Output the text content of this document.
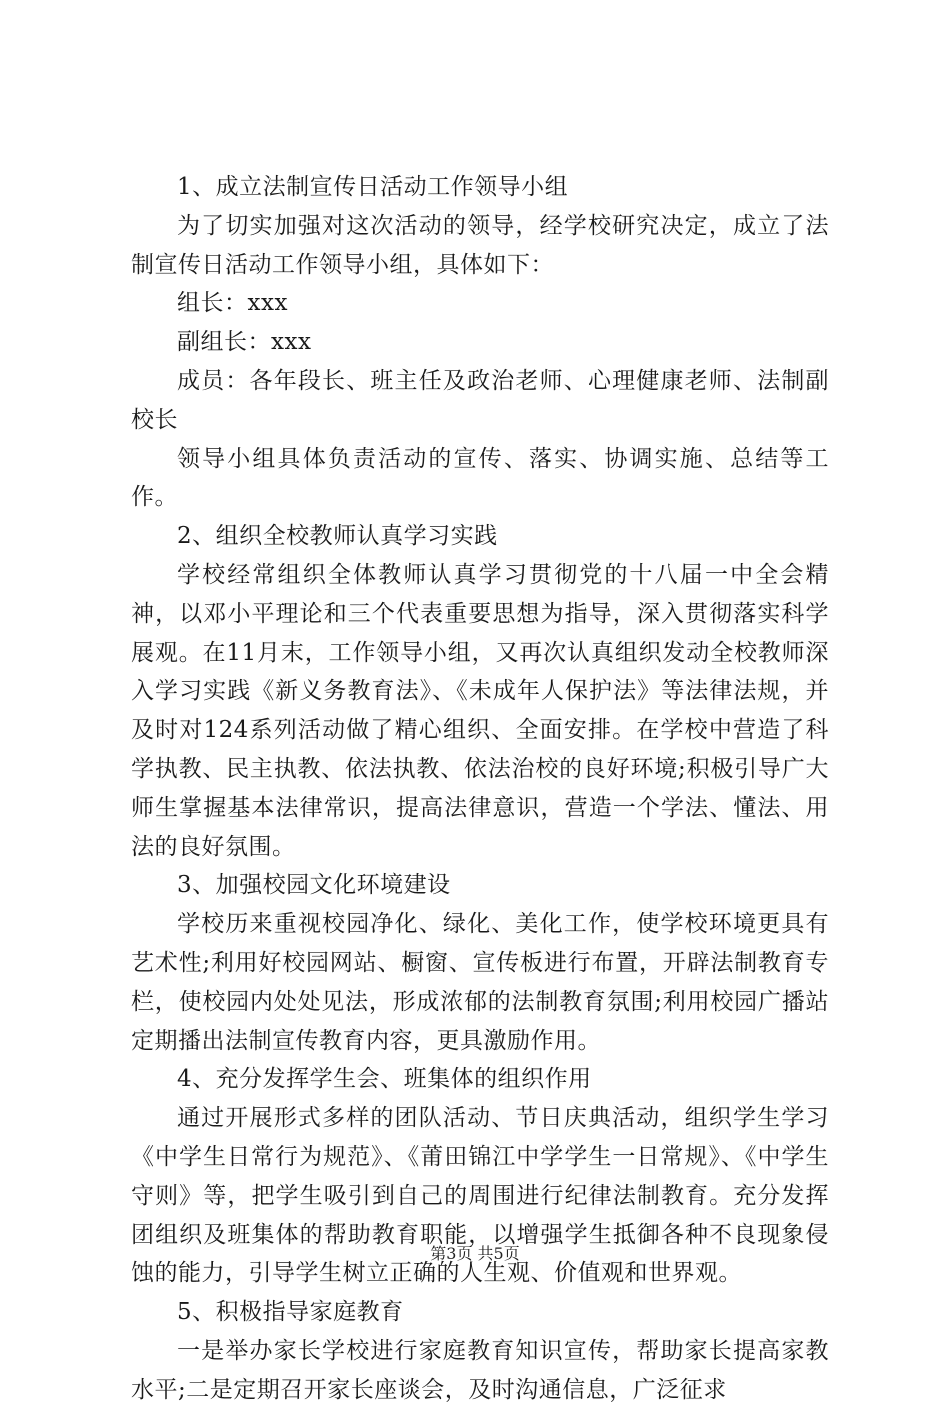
1、成立法制宣传日活动工作领导小组

为了切实加强对这次活动的领导，经学校研究决定，成立了法制宣传日活动工作领导小组，具体如下：

组长：xxx

副组长：xxx

成员：各年段长、班主任及政治老师、心理健康老师、法制副校长

领导小组具体负责活动的宣传、落实、协调实施、总结等工作。

2、组织全校教师认真学习实践

学校经常组织全体教师认真学习贯彻党的十八届一中全会精神，以邓小平理论和三个代表重要思想为指导，深入贯彻落实科学展观。在11月末，工作领导小组，又再次认真组织发动全校教师深入学习实践《新义务教育法》、《未成年人保护法》等法律法规，并及时对124系列活动做了精心组织、全面安排。在学校中营造了科学执教、民主执教、依法执教、依法治校的良好环境;积极引导广大师生掌握基本法律常识，提高法律意识，营造一个学法、懂法、用法的良好氛围。

3、加强校园文化环境建设

学校历来重视校园净化、绿化、美化工作，使学校环境更具有艺术性;利用好校园网站、橱窗、宣传板进行布置，开辟法制教育专栏，使校园内处处见法，形成浓郁的法制教育氛围;利用校园广播站定期播出法制宣传教育内容，更具激励作用。

4、充分发挥学生会、班集体的组织作用

通过开展形式多样的团队活动、节日庆典活动，组织学生学习《中学生日常行为规范》、《莆田锦江中学学生一日常规》、《中学生守则》等，把学生吸引到自己的周围进行纪律法制教育。充分发挥团组织及班集体的帮助教育职能，以增强学生抵御各种不良现象侵蚀的能力，引导学生树立正确的人生观、价值观和世界观。

5、积极指导家庭教育

一是举办家长学校进行家庭教育知识宣传，帮助家长提高家教水平;二是定期召开家长座谈会，及时沟通信息，广泛征求

第3页 共5页
